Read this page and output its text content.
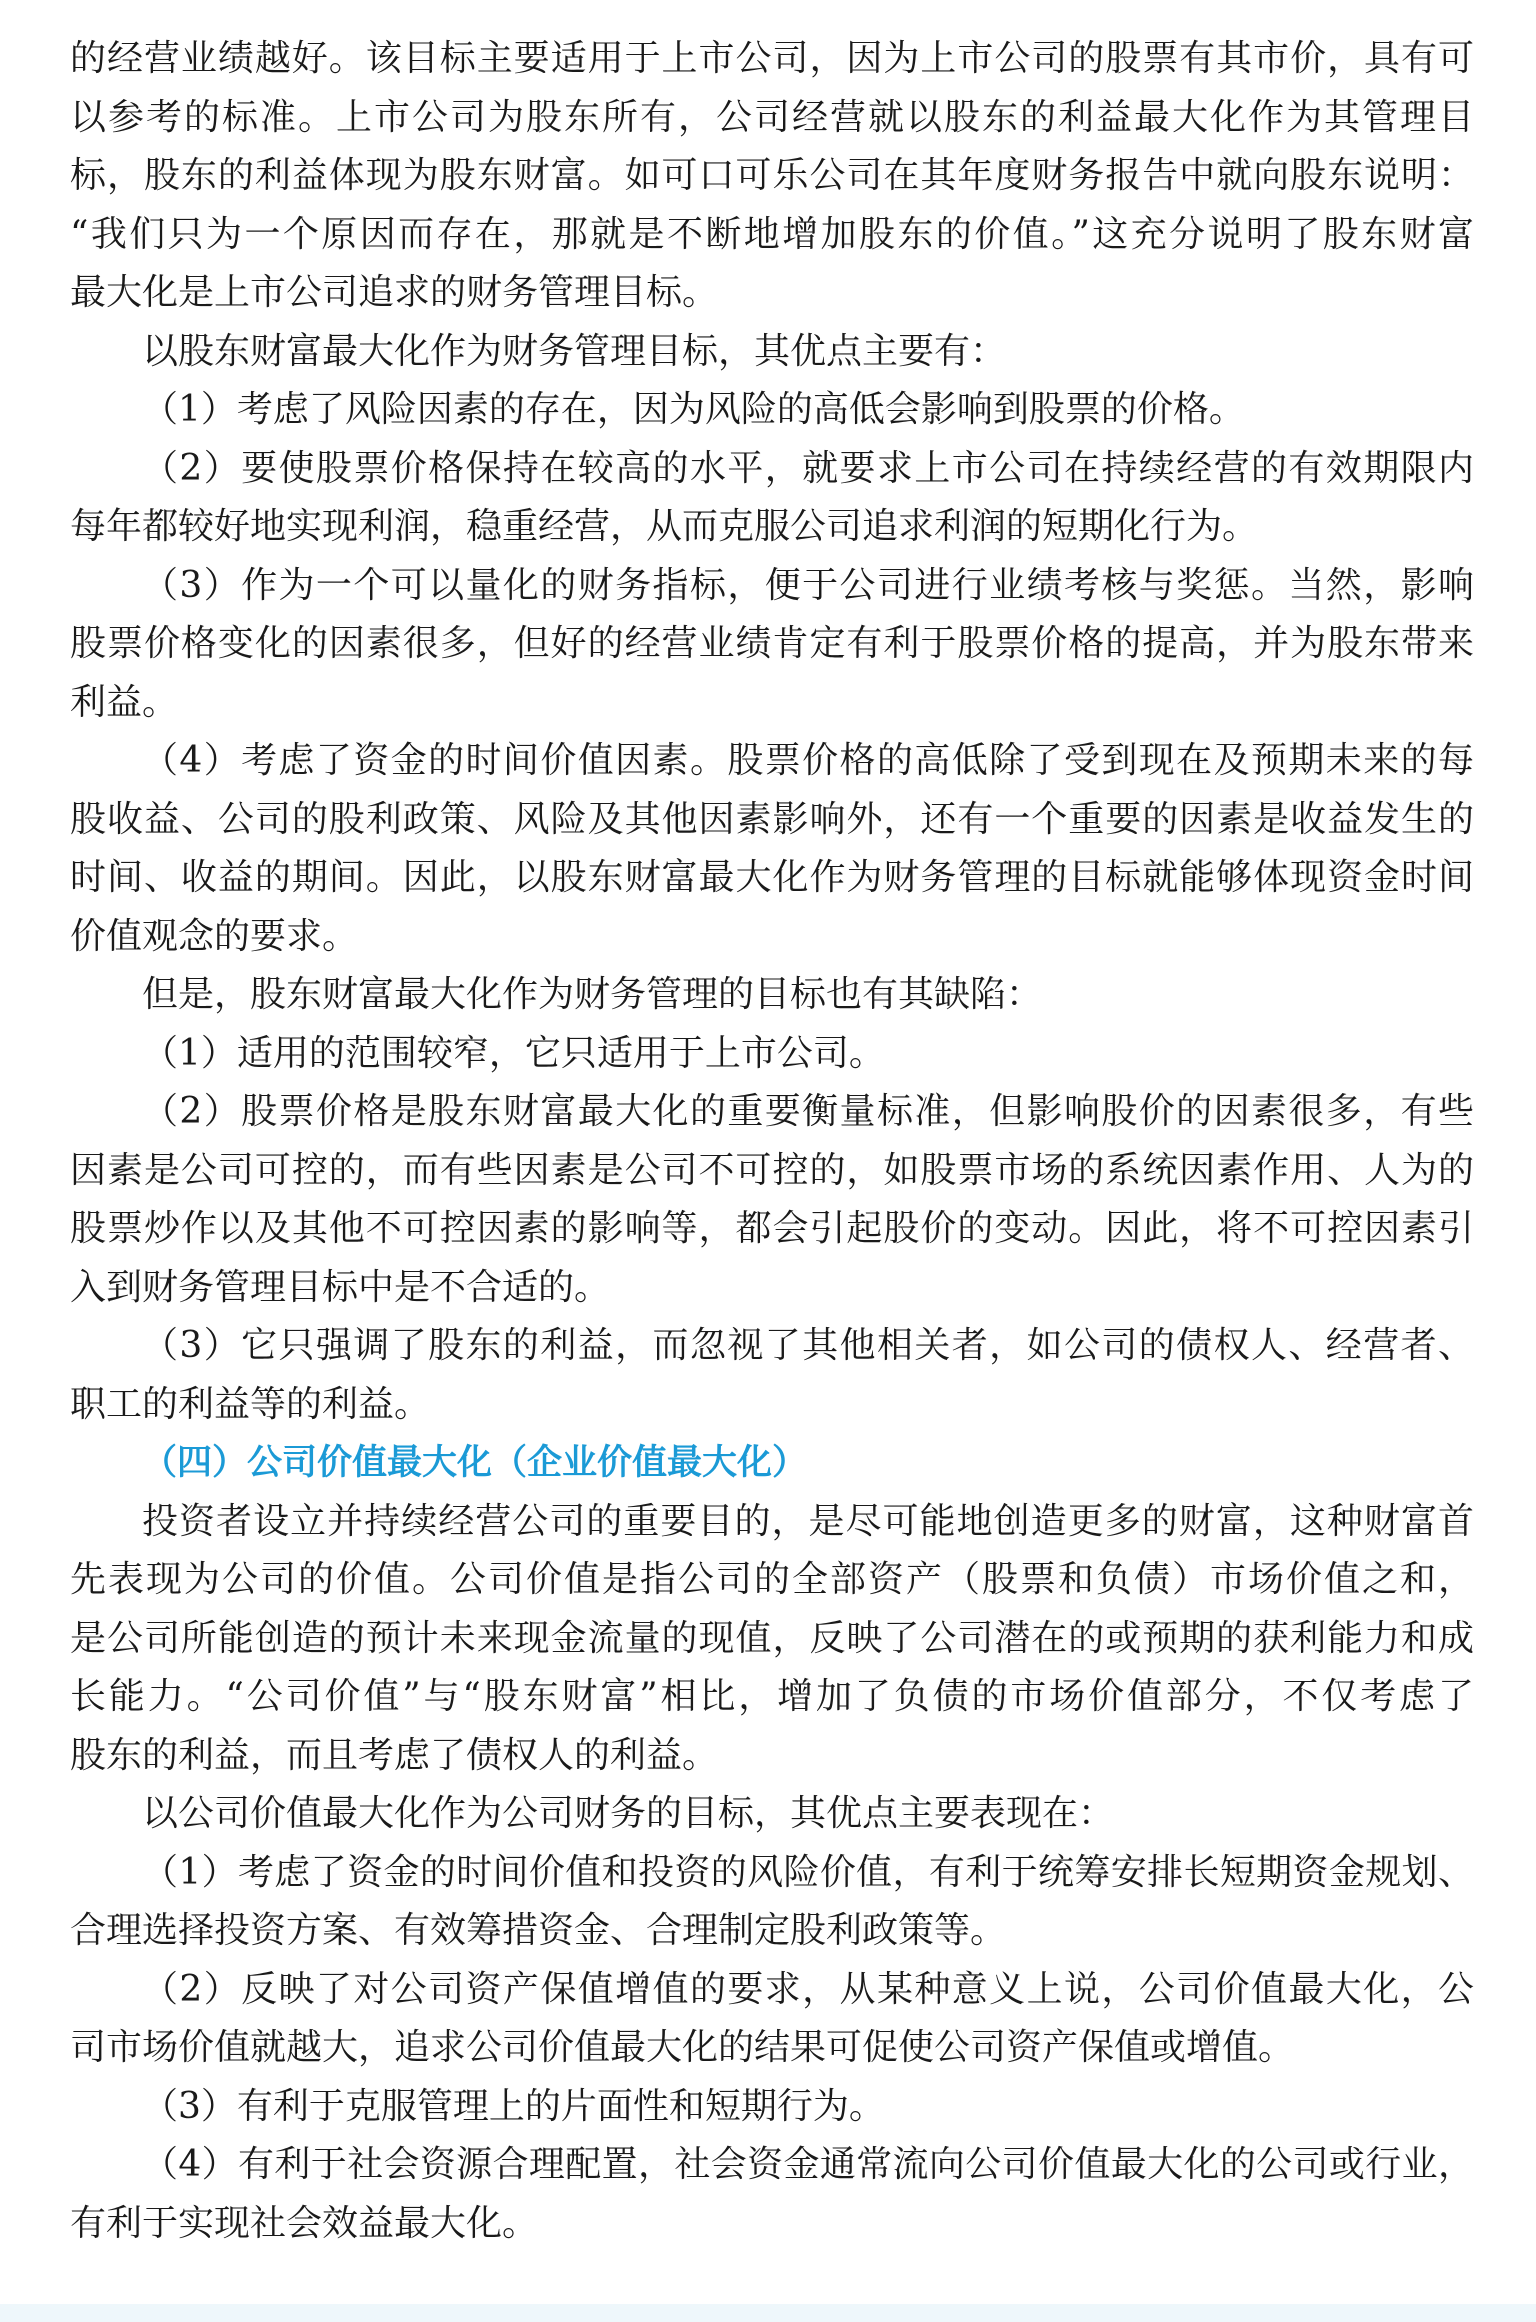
的经营业绩越好。该目标主要适用于上市公司，因为上市公司的股票有其市价，具有可
以参考的标准。上市公司为股东所有，公司经营就以股东的利益最大化作为其管理目
标，股东的利益体现为股东财富。如可口可乐公司在其年度财务报告中就向股东说明：
“我们只为一个原因而存在，那就是不断地增加股东的价值。”这充分说明了股东财富
最大化是上市公司追求的财务管理目标。
以股东财富最大化作为财务管理目标，其优点主要有：
（1）考虑了风险因素的存在，因为风险的高低会影响到股票的价格。
（2）要使股票价格保持在较高的水平，就要求上市公司在持续经营的有效期限内
每年都较好地实现利润，稳重经营，从而克服公司追求利润的短期化行为。
（3）作为一个可以量化的财务指标，便于公司进行业绩考核与奖惩。当然，影响
股票价格变化的因素很多，但好的经营业绩肯定有利于股票价格的提高，并为股东带来
利益。
（4）考虑了资金的时间价值因素。股票价格的高低除了受到现在及预期未来的每
股收益、公司的股利政策、风险及其他因素影响外，还有一个重要的因素是收益发生的
时间、收益的期间。因此，以股东财富最大化作为财务管理的目标就能够体现资金时间
价值观念的要求。
但是，股东财富最大化作为财务管理的目标也有其缺陷：
（1）适用的范围较窄，它只适用于上市公司。
（2）股票价格是股东财富最大化的重要衡量标准，但影响股价的因素很多，有些
因素是公司可控的，而有些因素是公司不可控的，如股票市场的系统因素作用、人为的
股票炒作以及其他不可控因素的影响等，都会引起股价的变动。因此，将不可控因素引
入到财务管理目标中是不合适的。
（3）它只强调了股东的利益，而忽视了其他相关者，如公司的债权人、经营者、
职工的利益等的利益。
（四）公司价值最大化（企业价值最大化）
投资者设立并持续经营公司的重要目的，是尽可能地创造更多的财富，这种财富首
先表现为公司的价值。公司价值是指公司的全部资产（股票和负债）市场价值之和，
是公司所能创造的预计未来现金流量的现值，反映了公司潜在的或预期的获利能力和成
长能力。“公司价值”与“股东财富”相比，增加了负债的市场价值部分，不仅考虑了
股东的利益，而且考虑了债权人的利益。
以公司价值最大化作为公司财务的目标，其优点主要表现在：
（1）考虑了资金的时间价值和投资的风险价值，有利于统筹安排长短期资金规划、
合理选择投资方案、有效筹措资金、合理制定股利政策等。
（2）反映了对公司资产保值增值的要求，从某种意义上说，公司价值最大化，公
司市场价值就越大，追求公司价值最大化的结果可促使公司资产保值或增值。
（3）有利于克服管理上的片面性和短期行为。
（4）有利于社会资源合理配置，社会资金通常流向公司价值最大化的公司或行业，
有利于实现社会效益最大化。
